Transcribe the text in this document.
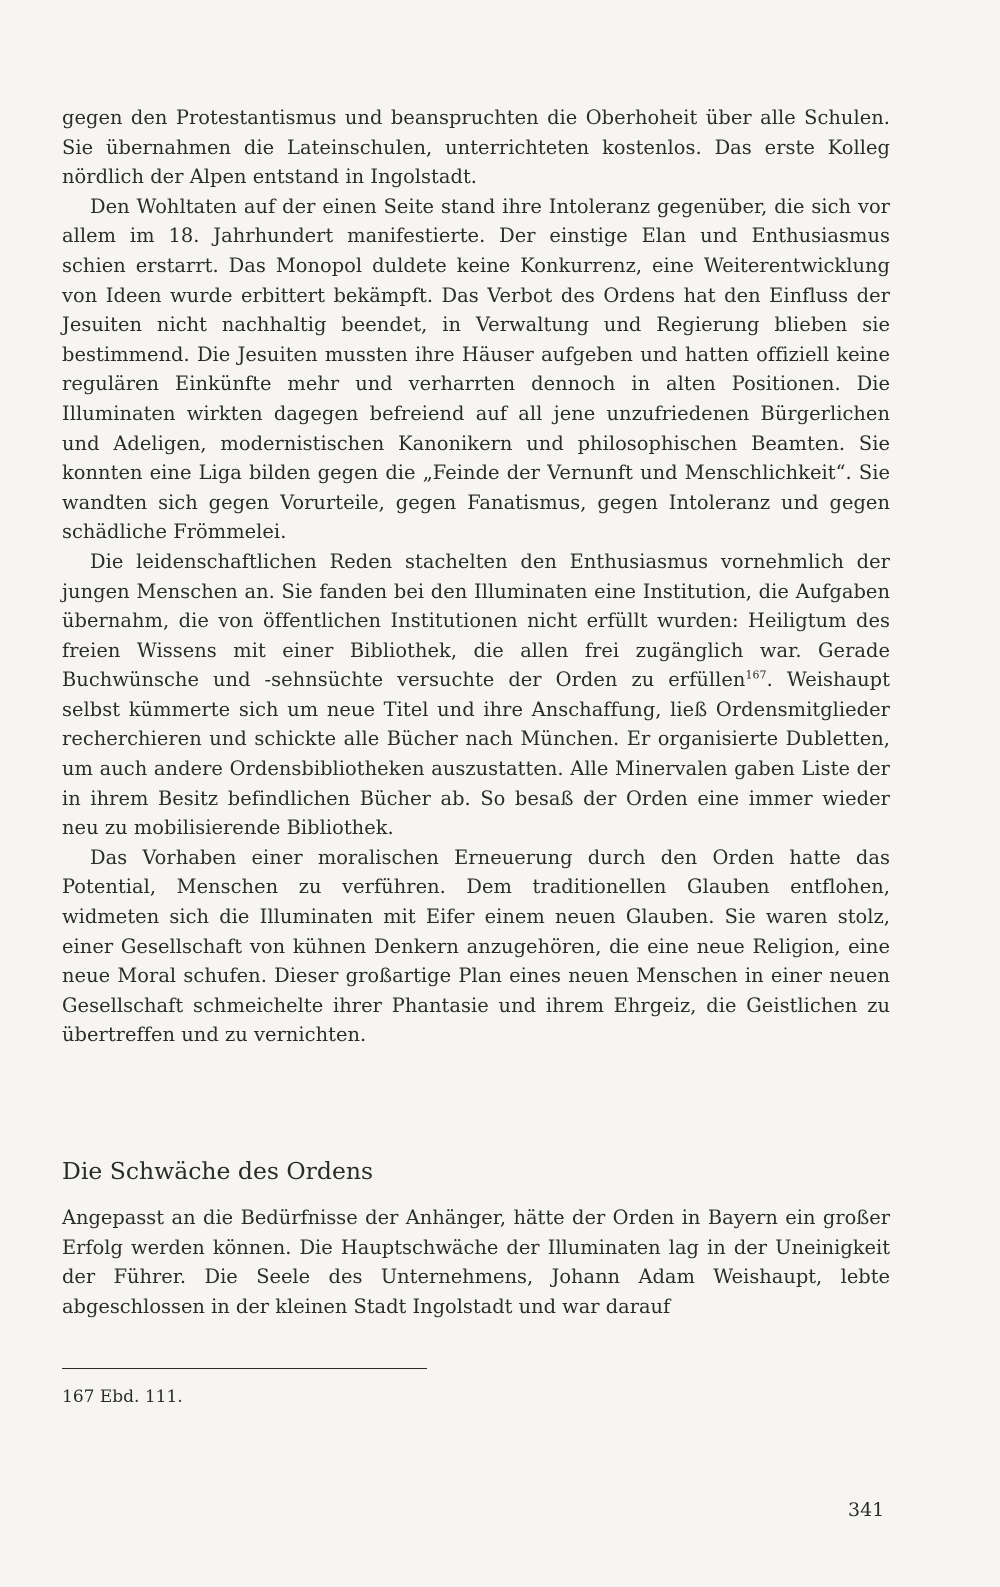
gegen den Protestantismus und beanspruchten die Oberhoheit über alle Schulen. Sie übernahmen die Lateinschulen, unterrichteten kostenlos. Das erste Kolleg nördlich der Alpen entstand in Ingolstadt.

Den Wohltaten auf der einen Seite stand ihre Intoleranz gegenüber, die sich vor allem im 18. Jahrhundert manifestierte. Der einstige Elan und Enthusiasmus schien erstarrt. Das Monopol duldete keine Konkurrenz, eine Weiterentwicklung von Ideen wurde erbittert bekämpft. Das Verbot des Ordens hat den Einfluss der Jesuiten nicht nachhaltig beendet, in Verwaltung und Regierung blieben sie bestimmend. Die Jesuiten mussten ihre Häuser aufgeben und hatten offiziell keine regulären Einkünfte mehr und verharrten dennoch in alten Positionen. Die Illuminaten wirkten dagegen befreiend auf all jene unzufriedenen Bürgerlichen und Adeligen, modernistischen Kanonikern und philosophischen Beamten. Sie konnten eine Liga bilden gegen die „Feinde der Vernunft und Menschlichkeit“. Sie wandten sich gegen Vorurteile, gegen Fanatismus, gegen Intoleranz und gegen schädliche Frömmelei.

Die leidenschaftlichen Reden stachelten den Enthusiasmus vornehmlich der jungen Menschen an. Sie fanden bei den Illuminaten eine Institution, die Aufgaben übernahm, die von öffentlichen Institutionen nicht erfüllt wurden: Heiligtum des freien Wissens mit einer Bibliothek, die allen frei zugänglich war. Gerade Buchwünsche und -sehnsüchte versuchte der Orden zu erfüllen$^{167}$. Weishaupt selbst kümmerte sich um neue Titel und ihre Anschaffung, ließ Ordensmitglieder recherchieren und schickte alle Bücher nach München. Er organisierte Dubletten, um auch andere Ordensbibliotheken auszustatten. Alle Minervalen gaben Liste der in ihrem Besitz befindlichen Bücher ab. So besaß der Orden eine immer wieder neu zu mobilisierende Bibliothek.

Das Vorhaben einer moralischen Erneuerung durch den Orden hatte das Potential, Menschen zu verführen. Dem traditionellen Glauben entflohen, widmeten sich die Illuminaten mit Eifer einem neuen Glauben. Sie waren stolz, einer Gesellschaft von kühnen Denkern anzugehören, die eine neue Religion, eine neue Moral schufen. Dieser großartige Plan eines neuen Menschen in einer neuen Gesellschaft schmeichelte ihrer Phantasie und ihrem Ehrgeiz, die Geistlichen zu übertreffen und zu vernichten.

Die Schwäche des Ordens
Angepasst an die Bedürfnisse der Anhänger, hätte der Orden in Bayern ein großer Erfolg werden können. Die Hauptschwäche der Illuminaten lag in der Uneinigkeit der Führer. Die Seele des Unternehmens, Johann Adam Weishaupt, lebte abgeschlossen in der kleinen Stadt Ingolstadt und war darauf
167 Ebd. 111.
341
